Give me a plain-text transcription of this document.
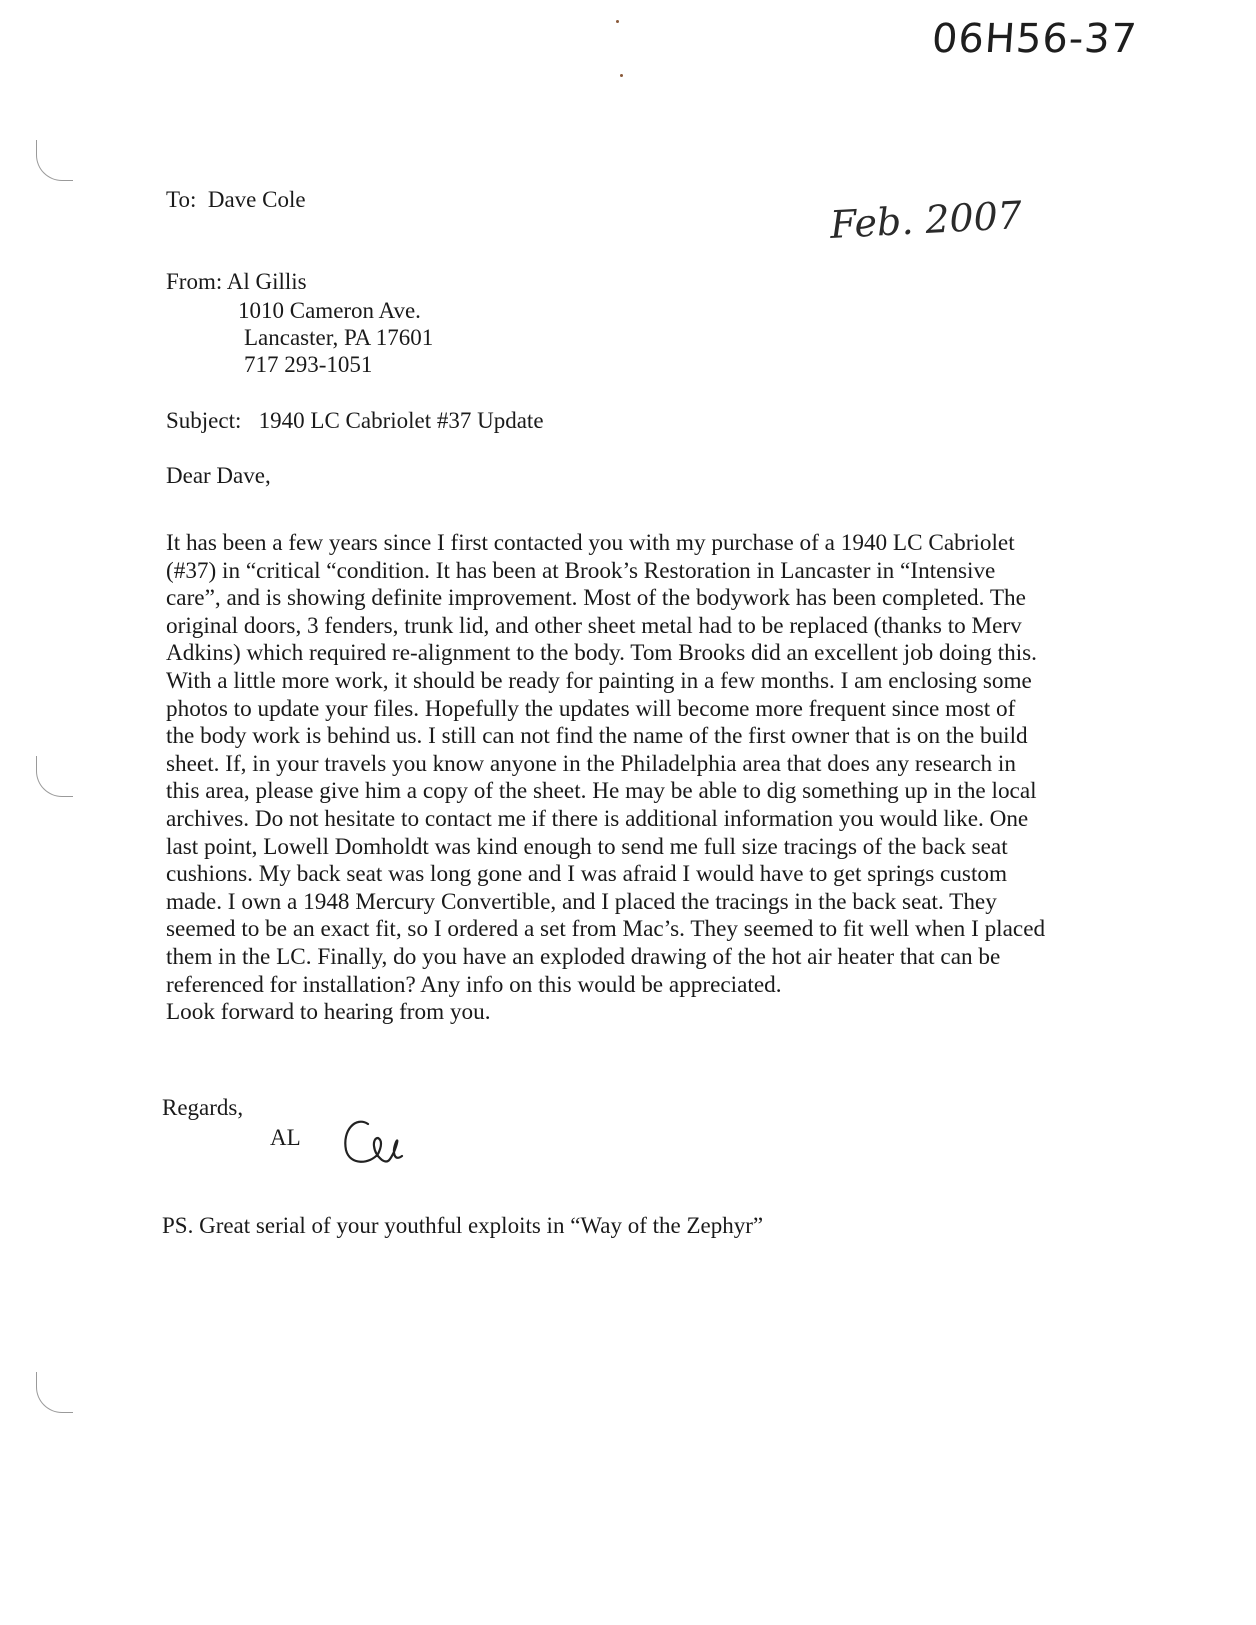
06H56-37
Feb. 2007
To: Dave Cole
From: Al Gillis
1010 Cameron Ave.
Lancaster, PA 17601
717 293-1051
Subject: 1940 LC Cabriolet #37 Update
Dear Dave,

It has been a few years since I first contacted you with my purchase of a 1940 LC Cabriolet (#37) in “critical “condition. It has been at Brook’s Restoration in Lancaster in “Intensive care”, and is showing definite improvement. Most of the bodywork has been completed. The original doors, 3 fenders, trunk lid, and other sheet metal had to be replaced (thanks to Merv Adkins) which required re-alignment to the body. Tom Brooks did an excellent job doing this. With a little more work, it should be ready for painting in a few months. I am enclosing some photos to update your files. Hopefully the updates will become more frequent since most of the body work is behind us. I still can not find the name of the first owner that is on the build sheet. If, in your travels you know anyone in the Philadelphia area that does any research in this area, please give him a copy of the sheet. He may be able to dig something up in the local archives. Do not hesitate to contact me if there is additional information you would like. One last point, Lowell Domholdt was kind enough to send me full size tracings of the back seat cushions. My back seat was long gone and I was afraid I would have to get springs custom made. I own a 1948 Mercury Convertible, and I placed the tracings in the back seat. They seemed to be an exact fit, so I ordered a set from Mac’s. They seemed to fit well when I placed them in the LC. Finally, do you have an exploded drawing of the hot air heater that can be referenced for installation? Any info on this would be appreciated.

Look forward to hearing from you.

Regards,
AL
PS. Great serial of your youthful exploits in “Way of the Zephyr”
